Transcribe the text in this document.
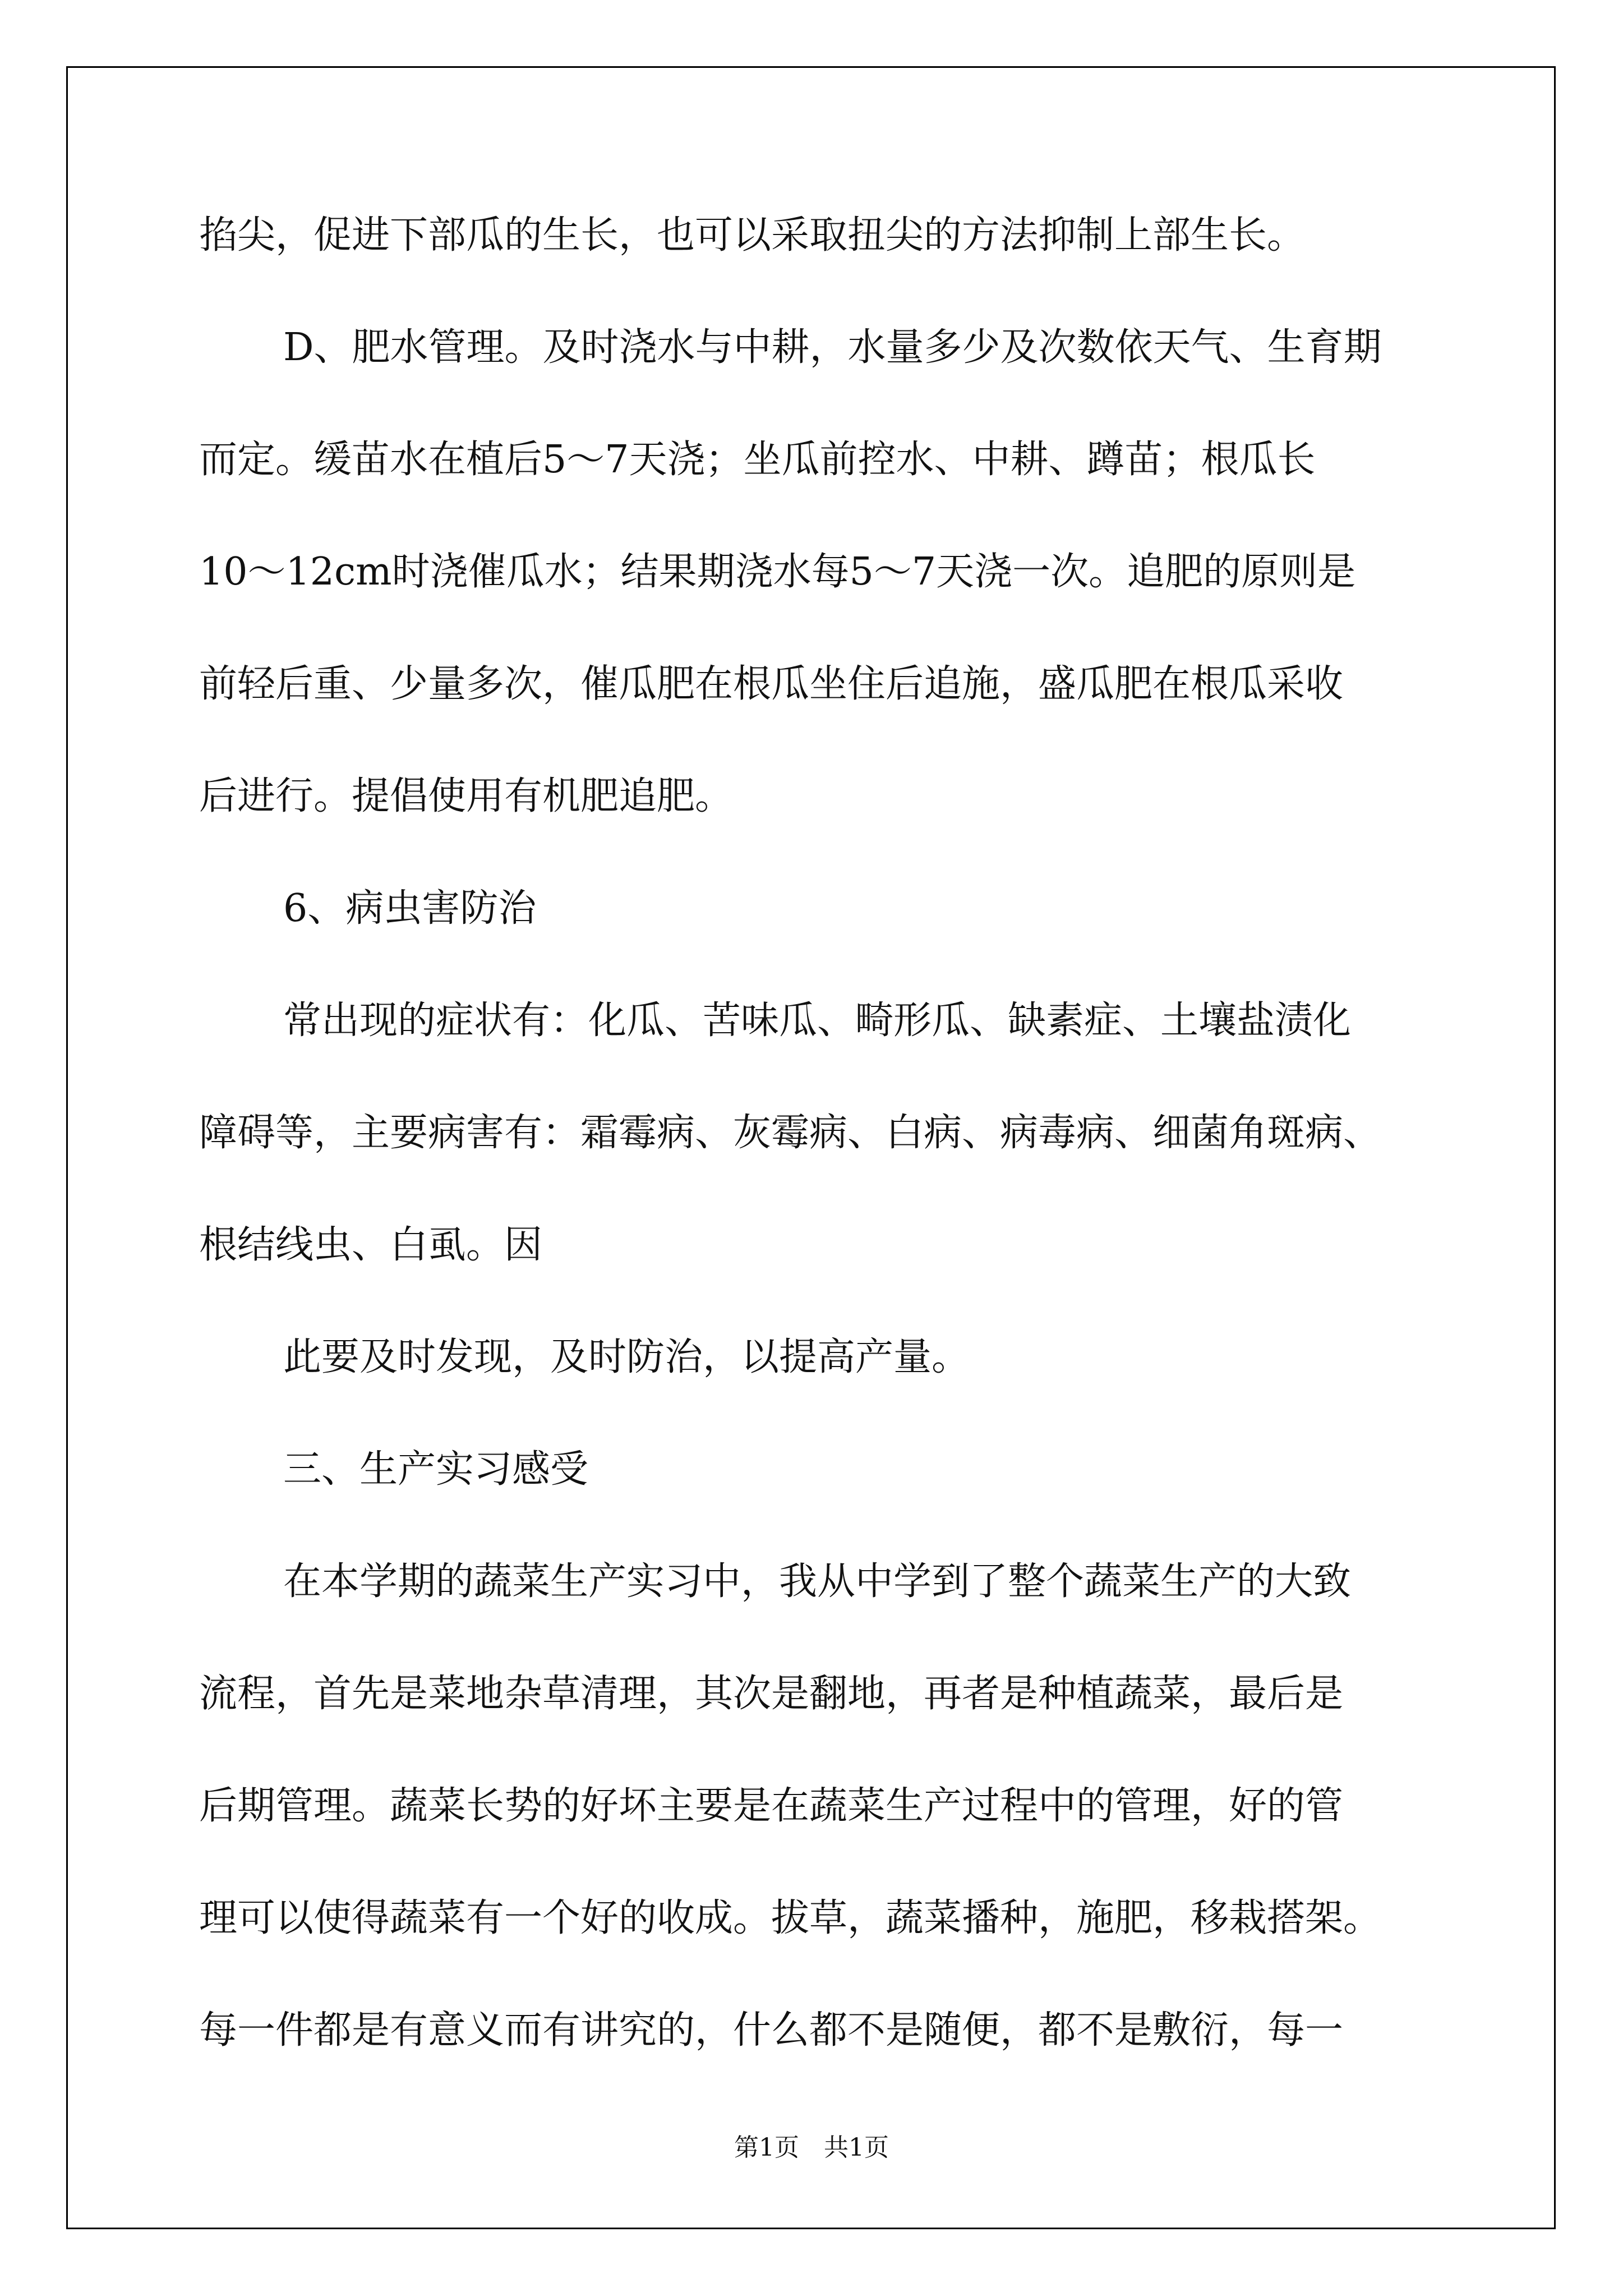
掐尖，促进下部瓜的生长，也可以采取扭尖的方法抑制上部生长。
D、肥水管理。及时浇水与中耕，水量多少及次数依天气、生育期
而定。缓苗水在植后5～7天浇；坐瓜前控水、中耕、蹲苗；根瓜长
10～12cm时浇催瓜水；结果期浇水每5～7天浇一次。追肥的原则是
前轻后重、少量多次，催瓜肥在根瓜坐住后追施，盛瓜肥在根瓜采收
后进行。提倡使用有机肥追肥。
6、病虫害防治
常出现的症状有：化瓜、苦味瓜、畸形瓜、缺素症、土壤盐渍化
障碍等，主要病害有：霜霉病、灰霉病、白病、病毒病、细菌角斑病、
根结线虫、白虱。因
此要及时发现，及时防治，以提高产量。
三、生产实习感受
在本学期的蔬菜生产实习中，我从中学到了整个蔬菜生产的大致
流程，首先是菜地杂草清理，其次是翻地，再者是种植蔬菜，最后是
后期管理。蔬菜长势的好坏主要是在蔬菜生产过程中的管理，好的管
理可以使得蔬菜有一个好的收成。拔草，蔬菜播种，施肥，移栽搭架。
每一件都是有意义而有讲究的，什么都不是随便，都不是敷衍，每一
第1页　共1页
